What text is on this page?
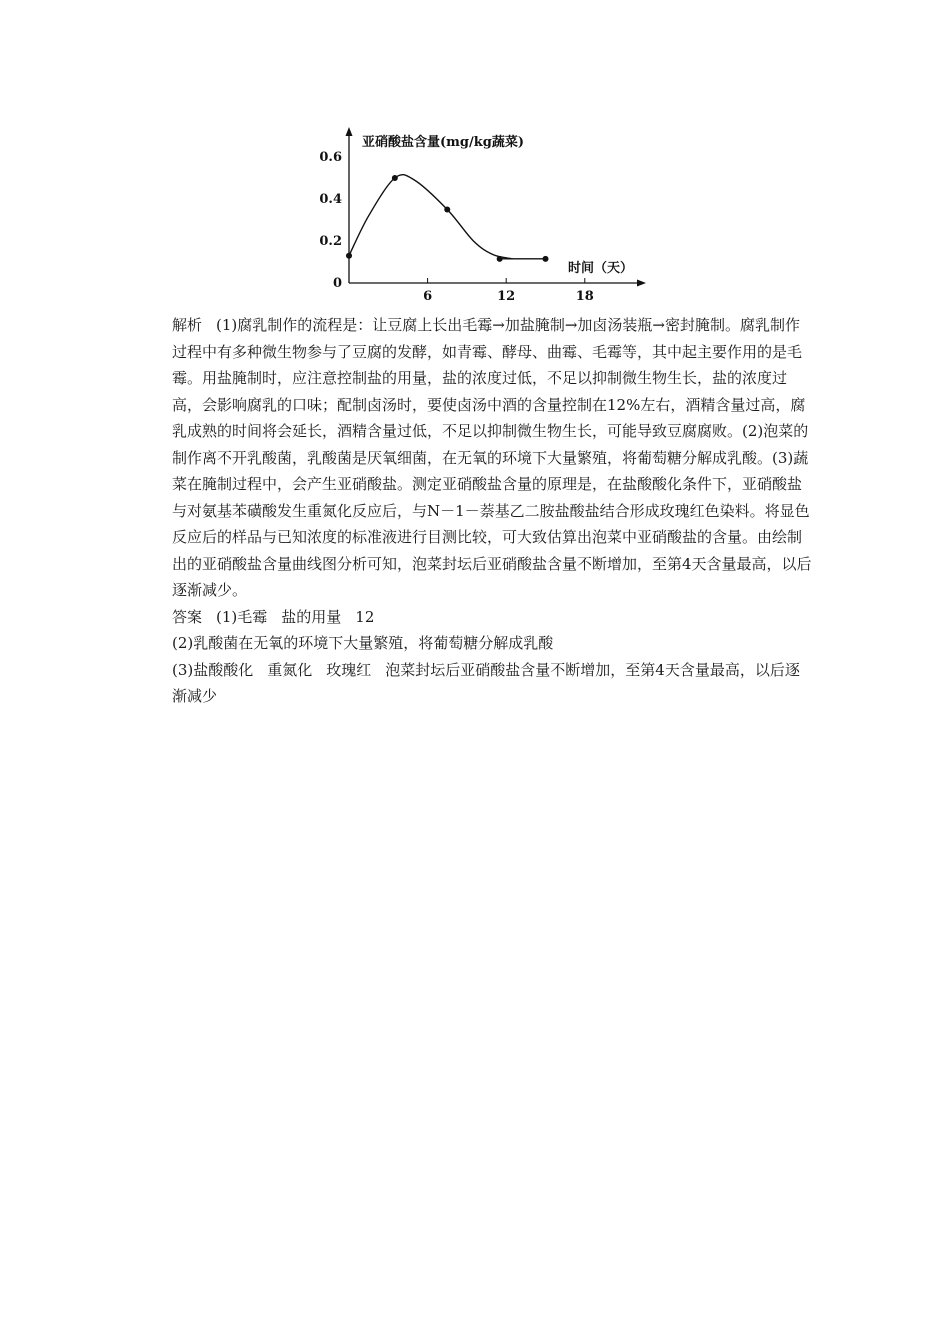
亚硝酸盐含量(mg/kg蔬菜)
时间（天）
0.6
0.4
0.2
0
6	12	18

解析 (1)腐乳制作的流程是：让豆腐上长出毛霉→加盐腌制→加卤汤装瓶→密封腌制。腐乳制作过程中有多种微生物参与了豆腐的发酵，如青霉、酵母、曲霉、毛霉等，其中起主要作用的是毛霉。用盐腌制时，应注意控制盐的用量，盐的浓度过低，不足以抑制微生物生长，盐的浓度过高，会影响腐乳的口味；配制卤汤时，要使卤汤中酒的含量控制在12%左右，酒精含量过高，腐乳成熟的时间将会延长，酒精含量过低，不足以抑制微生物生长，可能导致豆腐腐败。(2)泡菜的制作离不开乳酸菌，乳酸菌是厌氧细菌，在无氧的环境下大量繁殖，将葡萄糖分解成乳酸。(3)蔬菜在腌制过程中，会产生亚硝酸盐。测定亚硝酸盐含量的原理是，在盐酸酸化条件下，亚硝酸盐与对氨基苯磺酸发生重氮化反应后，与N－1－萘基乙二胺盐酸盐结合形成玫瑰红色染料。将显色反应后的样品与已知浓度的标准液进行目测比较，可大致估算出泡菜中亚硝酸盐的含量。由绘制出的亚硝酸盐含量曲线图分析可知，泡菜封坛后亚硝酸盐含量不断增加，至第4天含量最高，以后逐渐减少。

答案 (1)毛霉 盐的用量 12

(2)乳酸菌在无氧的环境下大量繁殖，将葡萄糖分解成乳酸

(3)盐酸酸化 重氮化 玫瑰红 泡菜封坛后亚硝酸盐含量不断增加，至第4天含量最高，以后逐渐减少
